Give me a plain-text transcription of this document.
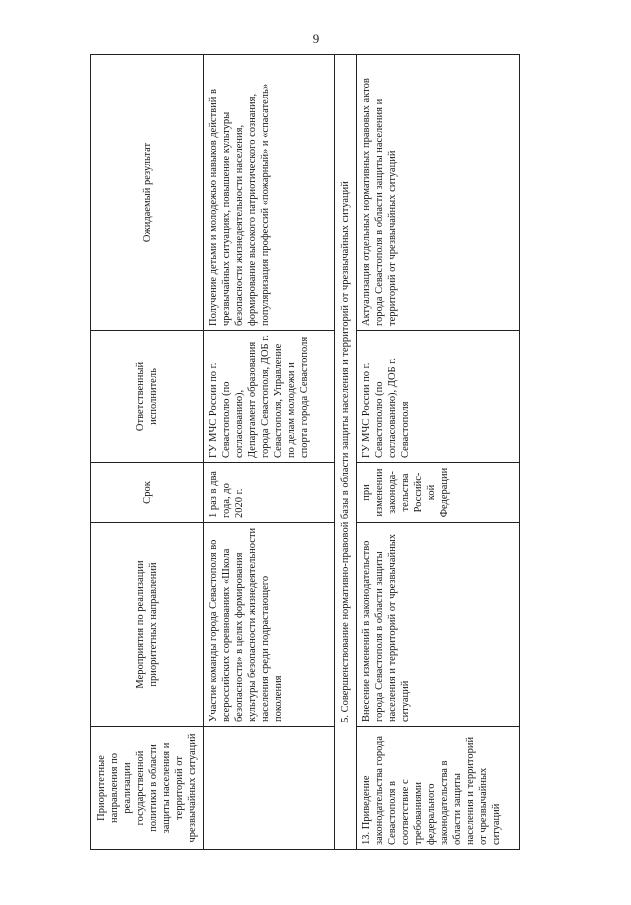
9
Приоритетные направления по реализации государственной политики в области защиты населения и территорий от чрезвычайных ситуаций	Мероприятия по реализации приоритетных направлений	Срок	Ответственный исполнитель	Ожидаемый результат
	Участие команды города Севастополя во всероссийских соревнованиях «Школа безопасности» в целях формирования культуры безопасности жизнедеятельности населения среди подрастающего поколения	1 раз в два года, до 2020 г.	ГУ МЧС России по г. Севастополю (по согласованию), Департамент образования города Севастополя, ДОБ г. Севастополя, Управление по делам молодежи и спорта города Севастополя	Получение детьми и молодежью навыков действий в чрезвычайных ситуациях, повышение культуры безопасности жизнедеятельности населения, формирование высокого патриотического сознания, популяризация профессий «пожарный» и «спасатель»
5. Совершенствование нормативно-правовой базы в области защиты населения и территорий от чрезвычайных ситуаций				
13. Приведение законодательства города Севастополя в соответствие с требованиями федерального законодательства в области защиты населения и территорий от чрезвычайных ситуаций	Внесение изменений в законодательство города Севастополя в области защиты населения и территорий от чрезвычайных ситуаций	при изменении законода-тельства Российс-кой Федерации	ГУ МЧС России по г. Севастополю (по согласованию), ДОБ г. Севастополя	Актуализация отдельных нормативных правовых актов города Севастополя в области защиты населения и территорий от чрезвычайных ситуаций
